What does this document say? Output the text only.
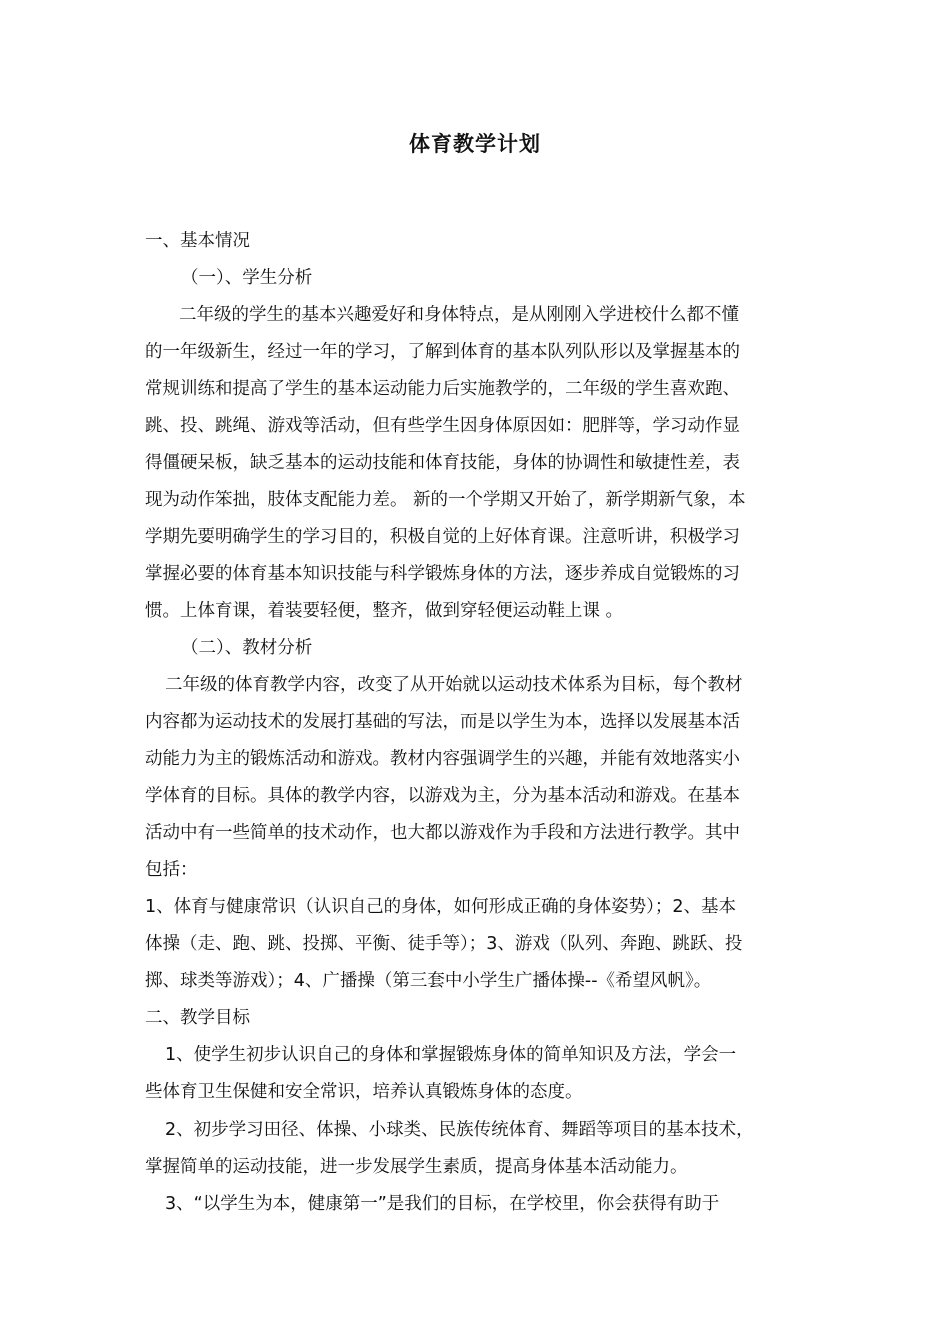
体育教学计划
一、基本情况
（一）、学生分析
二年级的学生的基本兴趣爱好和身体特点，是从刚刚入学进校什么都不懂
的一年级新生，经过一年的学习，了解到体育的基本队列队形以及掌握基本的
常规训练和提高了学生的基本运动能力后实施教学的，二年级的学生喜欢跑、
跳、投、跳绳、游戏等活动，但有些学生因身体原因如：肥胖等，学习动作显
得僵硬呆板，缺乏基本的运动技能和体育技能，身体的协调性和敏捷性差，表
现为动作笨拙，肢体支配能力差。 新的一个学期又开始了，新学期新气象，本
学期先要明确学生的学习目的，积极自觉的上好体育课。注意听讲，积极学习
掌握必要的体育基本知识技能与科学锻炼身体的方法，逐步养成自觉锻炼的习
惯。上体育课，着装要轻便，整齐，做到穿轻便运动鞋上课 。
（二）、教材分析
二年级的体育教学内容，改变了从开始就以运动技术体系为目标，每个教材
内容都为运动技术的发展打基础的写法，而是以学生为本，选择以发展基本活
动能力为主的锻炼活动和游戏。教材内容强调学生的兴趣，并能有效地落实小
学体育的目标。具体的教学内容，以游戏为主，分为基本活动和游戏。在基本
活动中有一些简单的技术动作，也大都以游戏作为手段和方法进行教学。其中
包括：
1、体育与健康常识（认识自己的身体，如何形成正确的身体姿势）；2、基本
体操（走、跑、跳、投掷、平衡、徒手等）；3、游戏（队列、奔跑、跳跃、投
掷、球类等游戏）；4、广播操（第三套中小学生广播体操--《希望风帆》。
二、教学目标
1、使学生初步认识自己的身体和掌握锻炼身体的简单知识及方法，学会一
些体育卫生保健和安全常识，培养认真锻炼身体的态度。
2、初步学习田径、体操、小球类、民族传统体育、舞蹈等项目的基本技术，
掌握简单的运动技能，进一步发展学生素质，提高身体基本活动能力。
3、“以学生为本，健康第一”是我们的目标，在学校里，你会获得有助于
